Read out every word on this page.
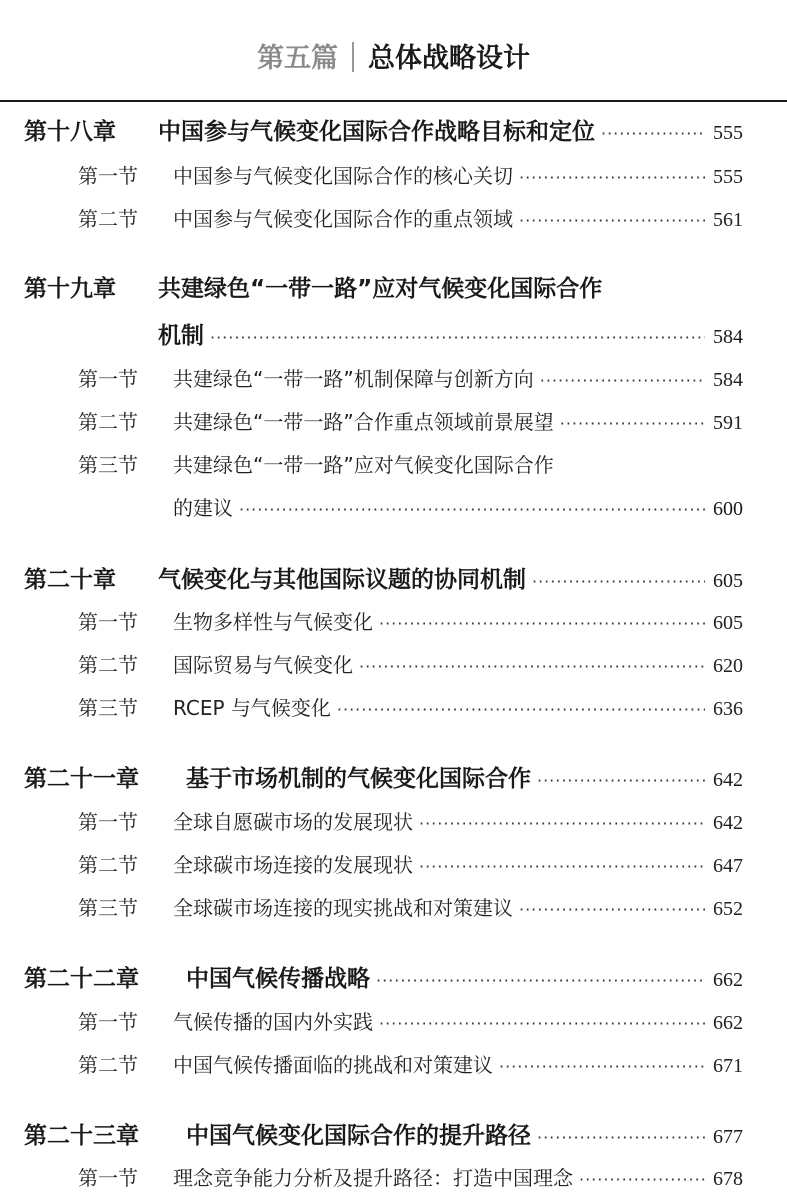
第五篇 总体战略设计
第十八章	中国参与气候变化国际合作战略目标和定位 ·····	555
第一节	中国参与气候变化国际合作的核心关切 ·····	555
第二节	中国参与气候变化国际合作的重点领域 ·····	561
第十九章	共建绿色“一带一路”应对气候变化国际合作
机制 ·····	584
第一节	共建绿色“一带一路”机制保障与创新方向 ·····	584
第二节	共建绿色“一带一路”合作重点领域前景展望 ·····	591
第三节	共建绿色“一带一路”应对气候变化国际合作
的建议 ·····	600
第二十章	气候变化与其他国际议题的协同机制 ·····	605
第一节	生物多样性与气候变化 ·····	605
第二节	国际贸易与气候变化 ·····	620
第三节	RCEP 与气候变化 ·····	636
第二十一章	基于市场机制的气候变化国际合作 ·····	642
第一节	全球自愿碳市场的发展现状 ·····	642
第二节	全球碳市场连接的发展现状 ·····	647
第三节	全球碳市场连接的现实挑战和对策建议 ·····	652
第二十二章	中国气候传播战略 ·····	662
第一节	气候传播的国内外实践 ·····	662
第二节	中国气候传播面临的挑战和对策建议 ·····	671
第二十三章	中国气候变化国际合作的提升路径 ·····	677
第一节	理念竞争能力分析及提升路径：打造中国理念 ·····	678
